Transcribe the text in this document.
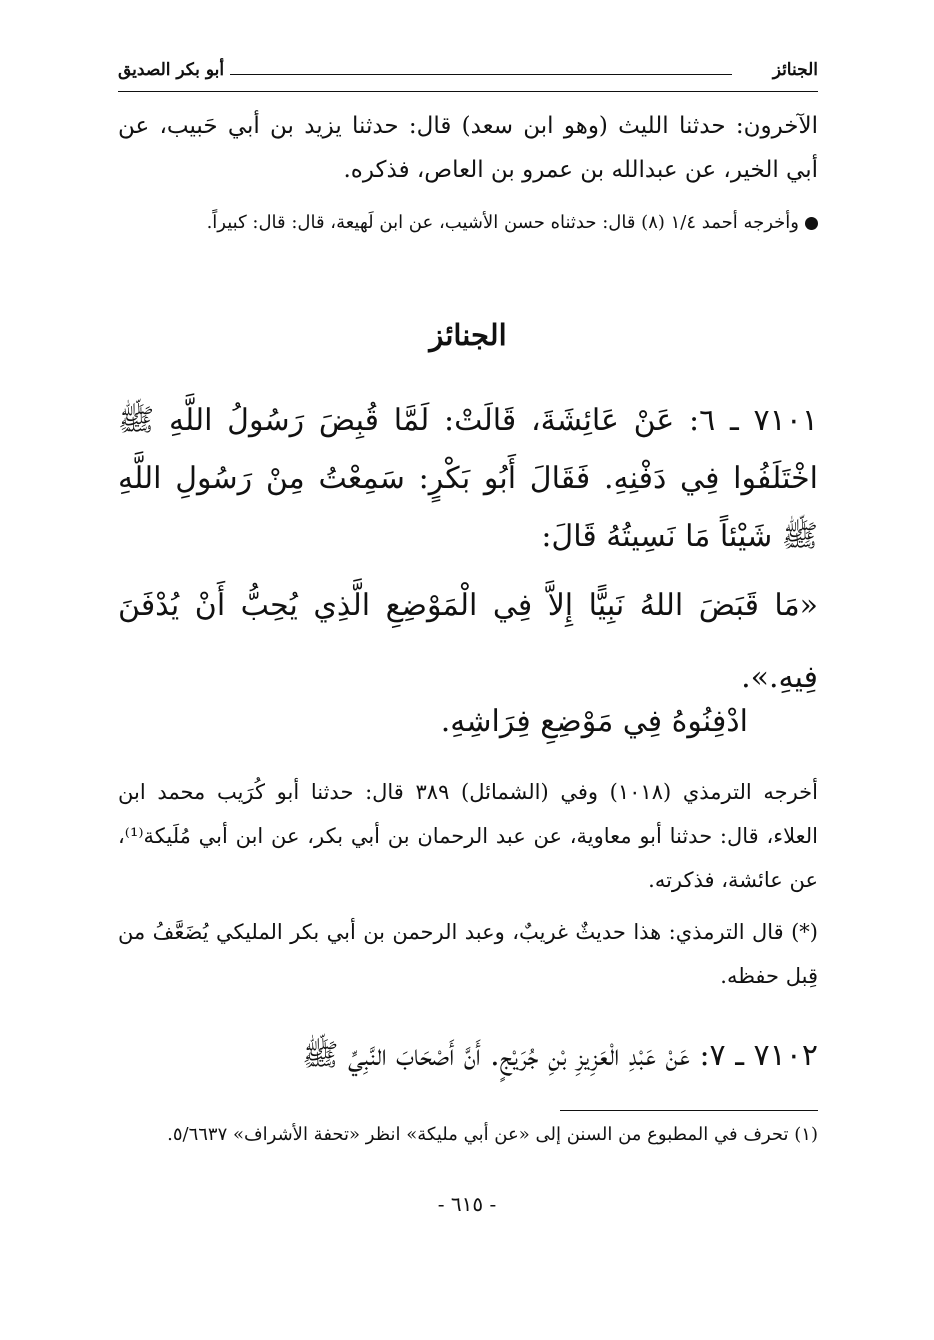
الجنائز
أبو بكر الصديق
الآخرون: حدثنا الليث (وهو ابن سعد) قال: حدثنا يزيد بن أبي حَبيب، عن أبي الخير، عن عبدالله بن عمرو بن العاص، فذكره.
وأخرجه أحمد ١/٤ (٨) قال: حدثناه حسن الأشيب، عن ابن لَهيعة، قال: قال: كبيراً.
الجنائز
٧١٠١ ـ ٦: عَنْ عَائِشَةَ، قَالَتْ: لَمَّا قُبِضَ رَسُولُ اللَّهِ ﷺ اخْتَلَفُوا فِي دَفْنِهِ. فَقَالَ أَبُو بَكْرٍ: سَمِعْتُ مِنْ رَسُولِ اللَّهِ ﷺ شَيْئاً مَا نَسِيتُهُ قَالَ:
«مَا قَبَضَ اللهُ نَبِيًّا إِلاَّ فِي الْمَوْضِعِ الَّذِي يُحِبُّ أَنْ يُدْفَنَ فِيهِ.».
ادْفِنُوهُ فِي مَوْضِعِ فِرَاشِهِ.
أخرجه الترمذي (١٠١٨) وفي (الشمائل) ٣٨٩ قال: حدثنا أبو كُرَيب محمد ابن العلاء، قال: حدثنا أبو معاوية، عن عبد الرحمان بن أبي بكر، عن ابن أبي مُلَيكة⁽¹⁾، عن عائشة، فذكرته.
(*) قال الترمذي: هذا حديثٌ غريبٌ، وعبد الرحمن بن أبي بكر المليكي يُضَعَّفُ من قِبل حفظه.
٧١٠٢ ـ ٧: عَنْ عَبْدِ الْعَزِيزِ بْنِ جُرَيْجٍ. أَنَّ أَصْحَابَ النَّبِيِّ ﷺ
(١) تحرف في المطبوع من السنن إلى «عن أبي مليكة» انظر «تحفة الأشراف» ٥/٦٦٣٧.
- ٦١٥ -
